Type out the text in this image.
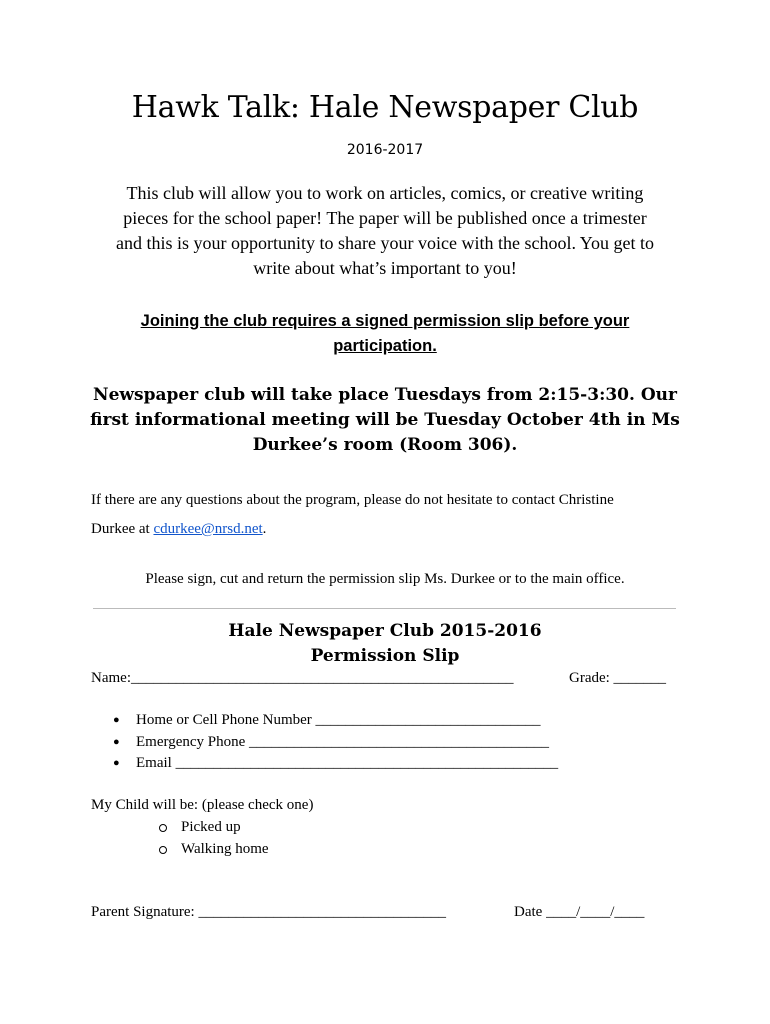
Hawk Talk: Hale Newspaper Club
2016-2017
This club will allow you to work on articles, comics, or creative writing
pieces for the school paper! The paper will be published once a trimester
and this is your opportunity to share your voice with the school. You get to
write about what’s important to you!
Joining the club requires a signed permission slip before your
participation.
Newspaper club will take place Tuesdays from 2:15-3:30. Our
first informational meeting will be Tuesday October 4th in Ms
Durkee’s room (Room 306).
If there are any questions about the program, please do not hesitate to contact Christine
Durkee at cdurkee@nrsd.net.
Please sign, cut and return the permission slip Ms. Durkee or to the main office.
Hale Newspaper Club 2015-2016
Permission Slip
Name:___________________________________________________	Grade: _______
● Home or Cell Phone Number ______________________________
● Emergency Phone ________________________________________
● Email ___________________________________________________
My Child will be: (please check one)
Picked up
Walking home
Parent Signature: _________________________________	Date ____/____/____
